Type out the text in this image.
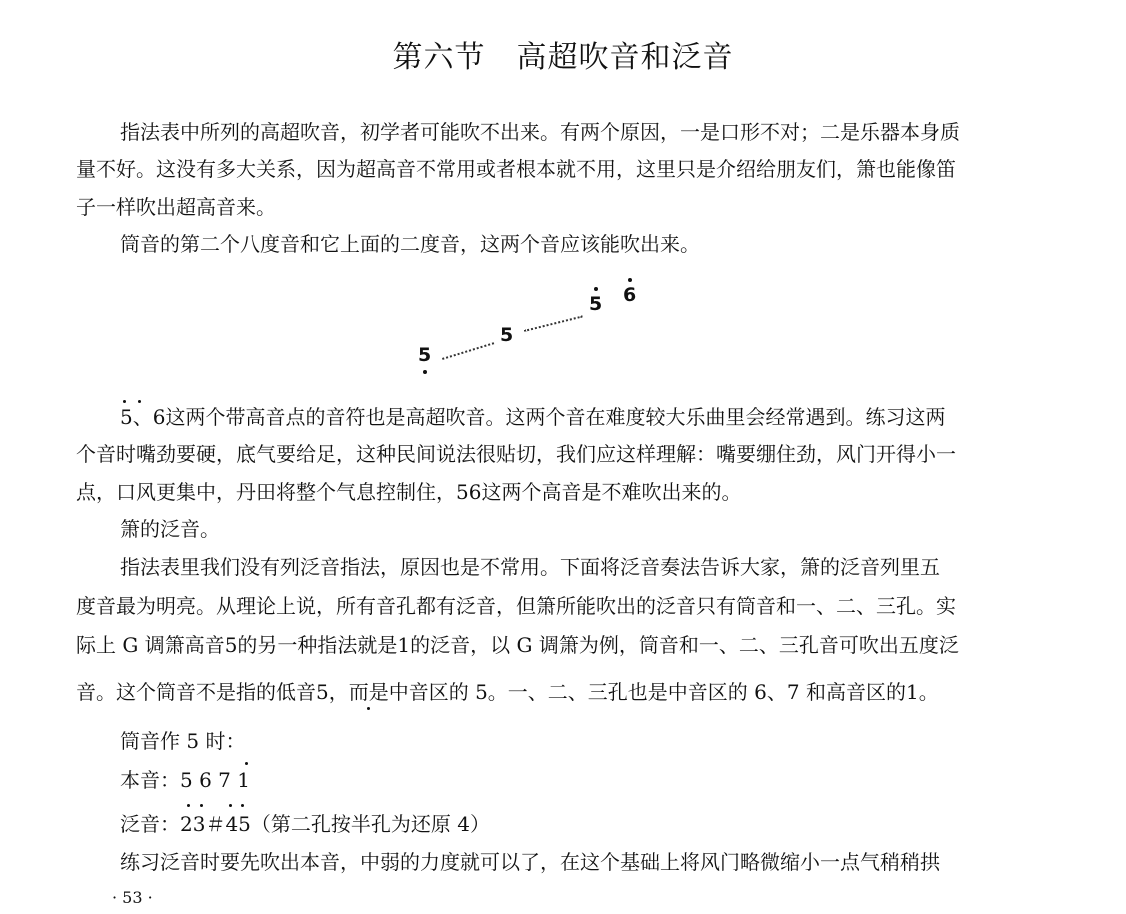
第六节　高超吹音和泛音
指法表中所列的高超吹音，初学者可能吹不出来。有两个原因，一是口形不对；二是乐器本身质
量不好。这没有多大关系，因为超高音不常用或者根本就不用，这里只是介绍给朋友们，箫也能像笛
子一样吹出超高音来。
筒音的第二个八度音和它上面的二度音，这两个音应该能吹出来。
5
5
5 6
5、6这两个带高音点的音符也是高超吹音。这两个音在难度较大乐曲里会经常遇到。练习这两
个音时嘴劲要硬，底气要给足，这种民间说法很贴切，我们应这样理解：嘴要绷住劲，风门开得小一
点，口风更集中，丹田将整个气息控制住，56这两个高音是不难吹出来的。
箫的泛音。
指法表里我们没有列泛音指法，原因也是不常用。下面将泛音奏法告诉大家，箫的泛音列里五
度音最为明亮。从理论上说，所有音孔都有泛音，但箫所能吹出的泛音只有筒音和一、二、三孔。实
际上 G 调箫高音5的另一种指法就是1的泛音，以 G 调箫为例，筒音和一、二、三孔音可吹出五度泛
音。这个筒音不是指的低音5，而是中音区的 5。一、二、三孔也是中音区的 6、7 和高音区的1。
筒音作 5 时：
本音：5 6 7 1
泛音：23＃45（第二孔按半孔为还原 4）
练习泛音时要先吹出本音，中弱的力度就可以了，在这个基础上将风门略微缩小一点气稍稍拱
· 53 ·
